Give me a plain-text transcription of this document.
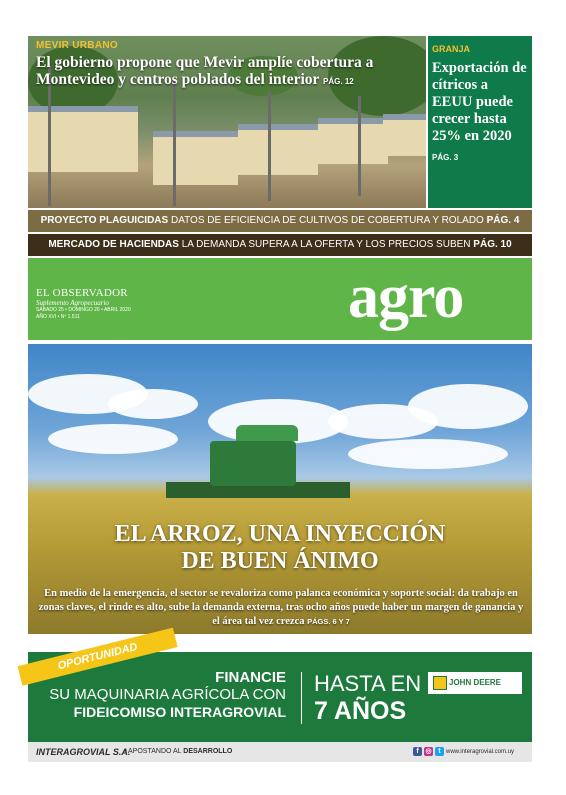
MEVIR URBANO
El gobierno propone que Mevir amplíe cobertura a Montevideo y centros poblados del interior PÁG. 12
GRANJA
Exportación de cítricos a EEUU puede crecer hasta 25% en 2020
PÁG. 3
PROYECTO PLAGUICIDAS DATOS DE EFICIENCIA DE CULTIVOS DE COBERTURA Y ROLADO PÁG. 4
MERCADO DE HACIENDAS LA DEMANDA SUPERA A LA OFERTA Y LOS PRECIOS SUBEN PÁG. 10
EL OBSERVADOR
Suplemento Agropecuario
SÁBADO 25 • DOMINGO 26 • ABRIL 2020
AÑO XVI • Nº 1.511	agro
EL ARROZ, UNA INYECCIÓN
DE BUEN ÁNIMO
En medio de la emergencia, el sector se revaloriza como palanca económica y soporte social: da trabajo en zonas claves, el rinde es alto, sube la demanda externa, tras ocho años puede haber un margen de ganancia y el área tal vez crezca PÁGS. 6 Y 7
OPORTUNIDAD
FINANCIE
SU MAQUINARIA AGRÍCOLA CON
FIDEICOMISO INTERAGROVIAL
HASTA EN
7 AÑOS
JOHN DEERE
INTERAGROVIAL S.A.
• APOSTANDO AL DESARROLLO	f ◎ t www.interagrovial.com.uy
